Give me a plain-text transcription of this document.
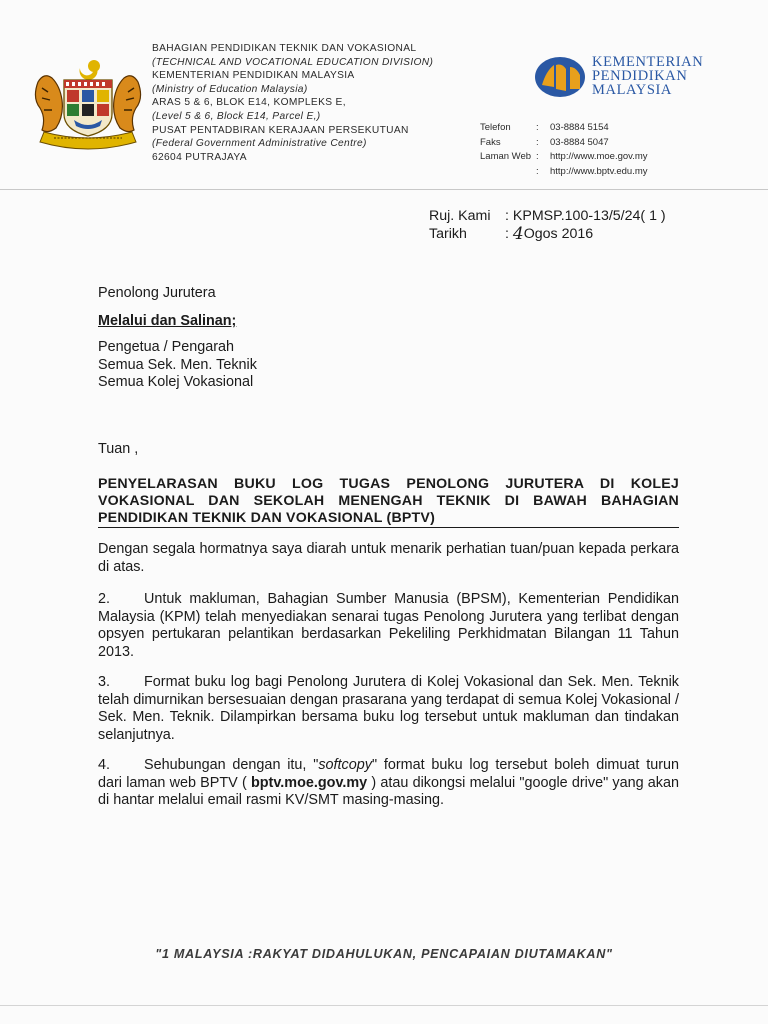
BAHAGIAN PENDIDIKAN TEKNIK DAN VOKASIONAL
(TECHNICAL AND VOCATIONAL EDUCATION DIVISION)
KEMENTERIAN PENDIDIKAN MALAYSIA
(Ministry of Education Malaysia)
ARAS 5 & 6, BLOK E14, KOMPLEKS E,
(Level 5 & 6, Block E14, Parcel E,)
PUSAT PENTADBIRAN KERAJAAN PERSEKUTUAN
(Federal Government Administrative Centre)
62604 PUTRAJAYA
KEMENTERIAN
PENDIDIKAN
MALAYSIA
Telefon	:	03-8884 5154
Faks	:	03-8884 5047
Laman Web :	http://www.moe.gov.my
:	http://www.bptv.edu.my
Ruj. Kami	: KPMSP.100-13/5/24( 1 )
Tarikh	: 4 Ogos 2016
Penolong Jurutera
Melalui dan Salinan;
Pengetua / Pengarah
Semua Sek. Men. Teknik
Semua Kolej Vokasional
Tuan ,
PENYELARASAN BUKU LOG TUGAS PENOLONG JURUTERA DI KOLEJ VOKASIONAL DAN SEKOLAH MENENGAH TEKNIK DI BAWAH BAHAGIAN PENDIDIKAN TEKNIK DAN VOKASIONAL (BPTV)
Dengan segala hormatnya saya diarah untuk menarik perhatian tuan/puan kepada perkara di atas.
2. Untuk makluman, Bahagian Sumber Manusia (BPSM), Kementerian Pendidikan Malaysia (KPM) telah menyediakan senarai tugas Penolong Jurutera yang terlibat dengan opsyen pertukaran pelantikan berdasarkan Pekeliling Perkhidmatan Bilangan 11 Tahun 2013.
3. Format buku log bagi Penolong Jurutera di Kolej Vokasional dan Sek. Men. Teknik telah dimurnikan bersesuaian dengan prasarana yang terdapat di semua Kolej Vokasional / Sek. Men. Teknik. Dilampirkan bersama buku log tersebut untuk makluman dan tindakan selanjutnya.
4. Sehubungan dengan itu, "softcopy" format buku log tersebut boleh dimuat turun dari laman web BPTV ( bptv.moe.gov.my ) atau dikongsi melalui "google drive" yang akan di hantar melalui email rasmi KV/SMT masing-masing.
"1 MALAYSIA :RAKYAT DIDAHULUKAN, PENCAPAIAN DIUTAMAKAN"
